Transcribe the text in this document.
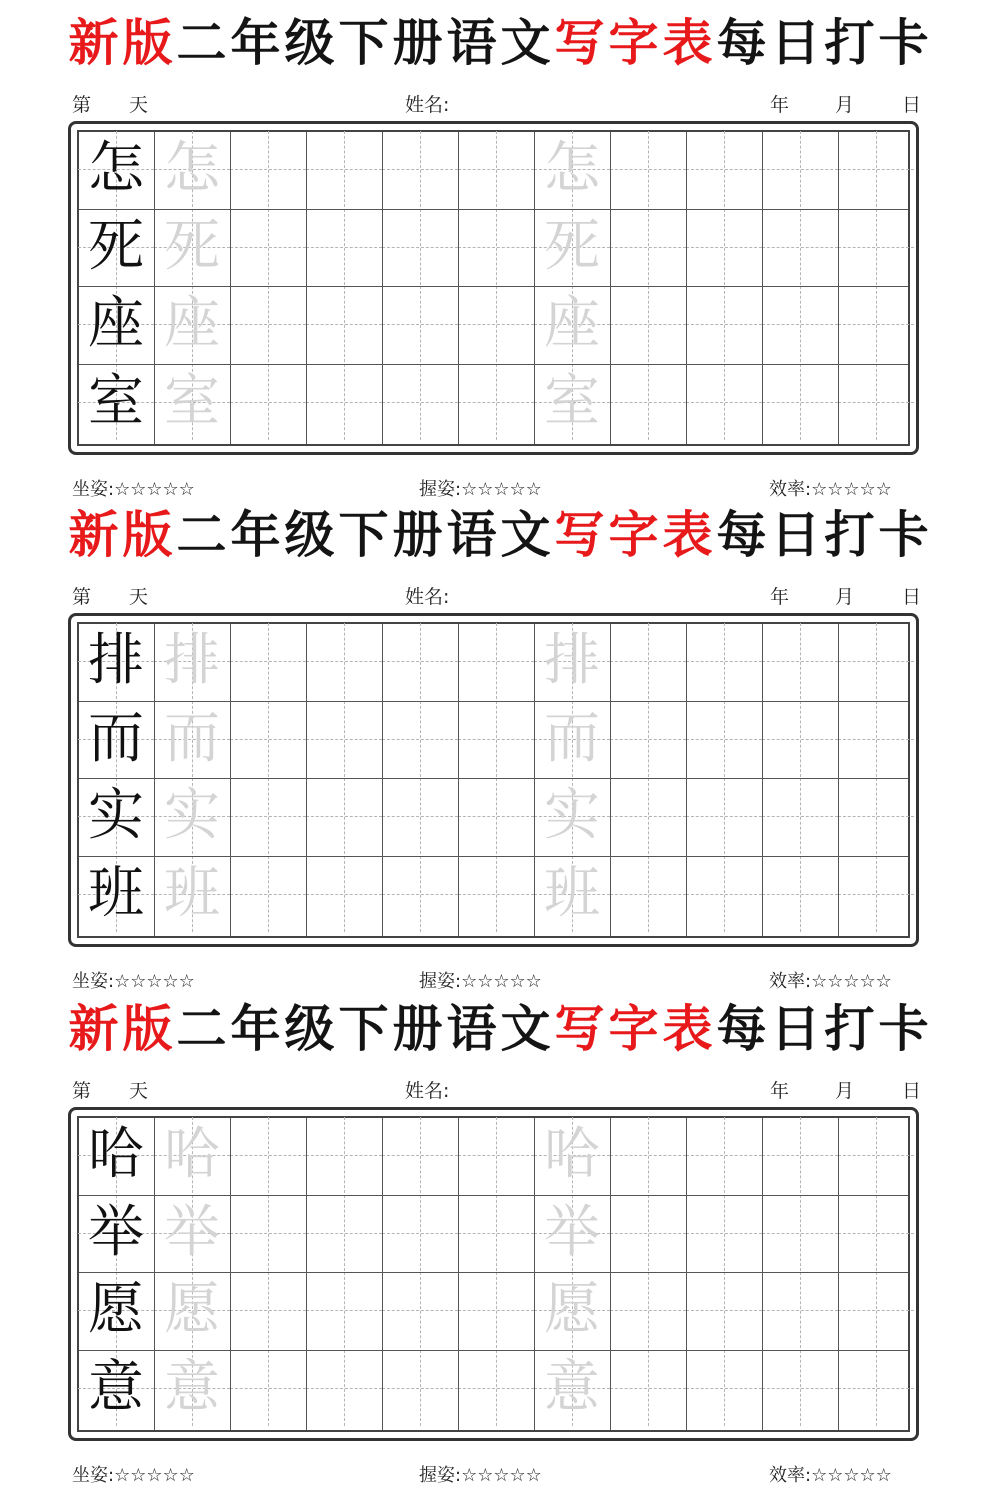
新版二年级下册语文写字表每日打卡
第　　天	姓名:	年 月	日
怎 怎	怎
死 死	死
座 座	座
室 室	室
坐姿:☆☆☆☆☆	握姿:☆☆☆☆☆	效率:☆☆☆☆☆
新版二年级下册语文写字表每日打卡
第　　天	姓名:	年 月	日
排 排	排
而 而	而
实 实	实
班 班	班
坐姿:☆☆☆☆☆	握姿:☆☆☆☆☆	效率:☆☆☆☆☆
新版二年级下册语文写字表每日打卡
第　　天	姓名:	年 月	日
哈 哈	哈
举 举	举
愿 愿	愿
意 意	意
坐姿:☆☆☆☆☆	握姿:☆☆☆☆☆	效率:☆☆☆☆☆
